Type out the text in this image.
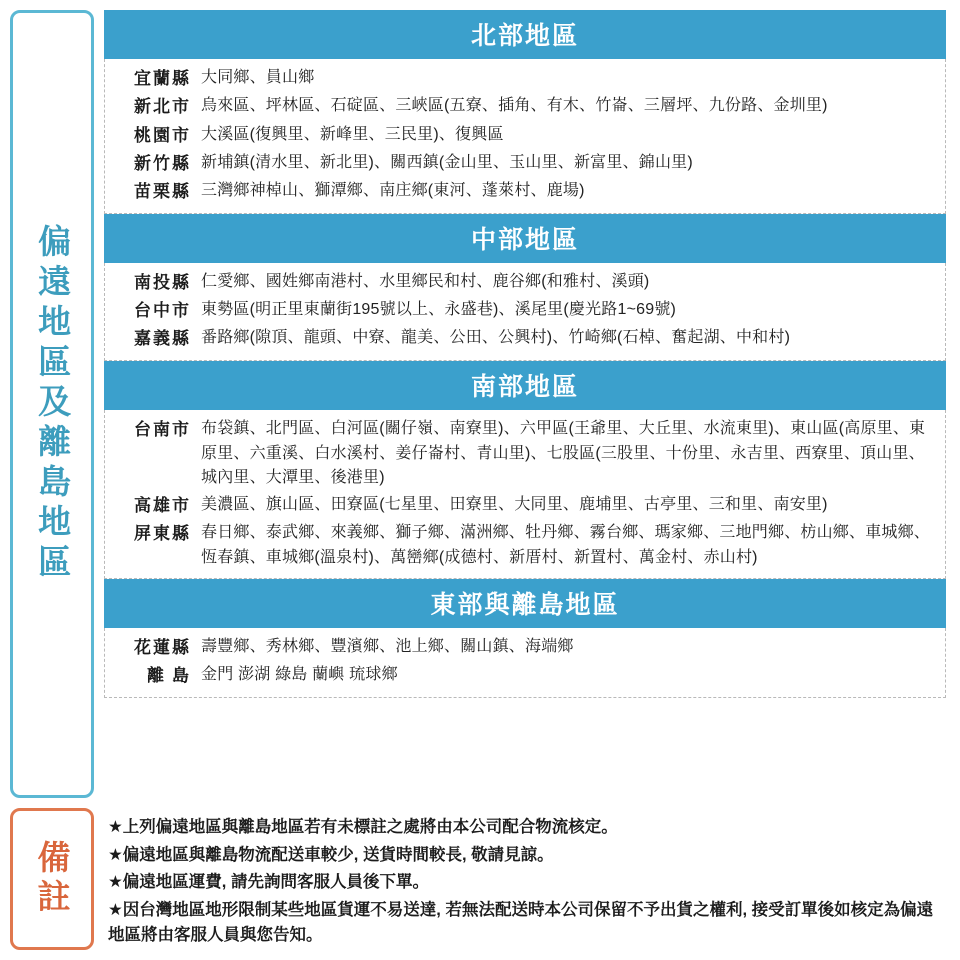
偏遠地區及離島地區
北部地區
宜蘭縣 大同鄉、員山鄉
新北市 烏來區、坪林區、石碇區、三峽區(五寮、插角、有木、竹崙、三層坪、九份路、金圳里)
桃園市 大溪區(復興里、新峰里、三民里)、復興區
新竹縣 新埔鎮(清水里、新北里)、關西鎮(金山里、玉山里、新富里、錦山里)
苗栗縣 三灣鄉神棹山、獅潭鄉、南庄鄉(東河、蓬萊村、鹿場)
中部地區
南投縣 仁愛鄉、國姓鄉南港村、水里鄉民和村、鹿谷鄉(和雅村、溪頭)
台中市 東勢區(明正里東蘭街195號以上、永盛巷)、溪尾里(慶光路1~69號)
嘉義縣 番路鄉(隙頂、龍頭、中寮、龍美、公田、公興村)、竹崎鄉(石棹、奮起湖、中和村)
南部地區
台南市 布袋鎮、北門區、白河區(關仔嶺、南寮里)、六甲區(王爺里、大丘里、水流東里)、東山區(高原里、東原里、六重溪、白水溪村、姜仔崙村、青山里)、七股區(三股里、十份里、永吉里、西寮里、頂山里、城內里、大潭里、後港里)
高雄市 美濃區、旗山區、田寮區(七星里、田寮里、大同里、鹿埔里、古亭里、三和里、南安里)
屏東縣 春日鄉、泰武鄉、來義鄉、獅子鄉、滿洲鄉、牡丹鄉、霧台鄉、瑪家鄉、三地門鄉、枋山鄉、車城鄉、恆春鎮、車城鄉(溫泉村)、萬巒鄉(成德村、新厝村、新置村、萬金村、赤山村)
東部與離島地區
花蓮縣 壽豐鄉、秀林鄉、豐濱鄉、池上鄉、關山鎮、海端鄉
離島 金門 澎湖 綠島 蘭嶼 琉球鄉
備註
★上列偏遠地區與離島地區若有未標註之處將由本公司配合物流核定。
★偏遠地區與離島物流配送車較少, 送貨時間較長, 敬請見諒。
★偏遠地區運費, 請先詢問客服人員後下單。
★因台灣地區地形限制某些地區貨運不易送達, 若無法配送時本公司保留不予出貨之權利, 接受訂單後如核定為偏遠地區將由客服人員與您告知。
